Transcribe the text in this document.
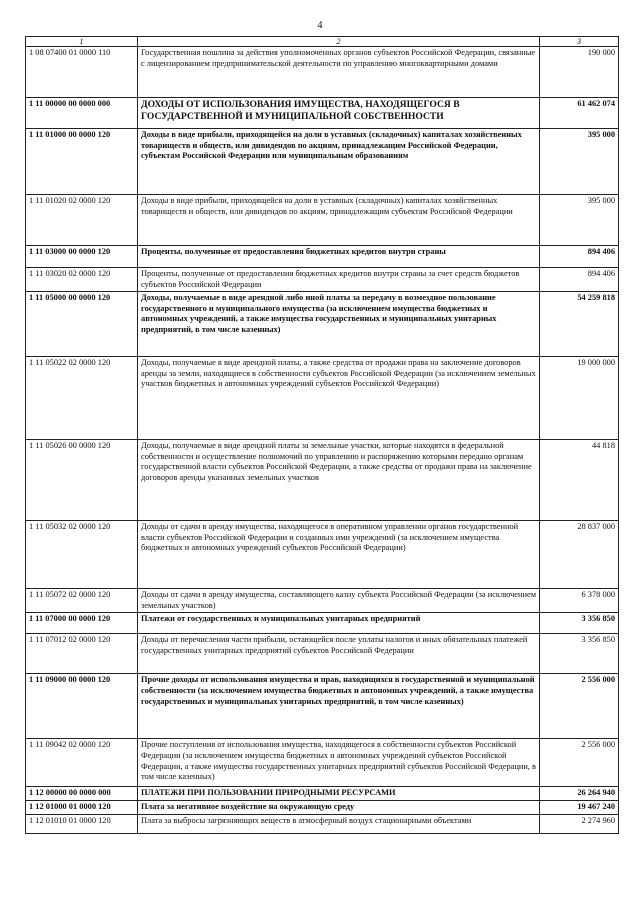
4
1	2	3
1 08 07400 01 0000 110	Государственная пошлина за действия уполномоченных органов субъектов Российской Федерации, связанные с лицензированием предпринимательской деятельности по управлению многоквартирными домами	190 000
1 11 00000 00 0000 000	ДОХОДЫ ОТ ИСПОЛЬЗОВАНИЯ ИМУЩЕСТВА, НАХОДЯЩЕГОСЯ В ГОСУДАРСТВЕННОЙ И МУНИЦИПАЛЬНОЙ СОБСТВЕННОСТИ	61 462 074
1 11 01000 00 0000 120	Доходы в виде прибыли, приходящейся на доли в уставных (складочных) капиталах хозяйственных товариществ и обществ, или дивидендов по акциям, принадлежащим Российской Федерации, субъектам Российской Федерации или муниципальным образованиям	395 000
1 11 01020 02 0000 120	Доходы в виде прибыли, приходящейся на доли в уставных (складочных) капиталах хозяйственных товариществ и обществ, или дивидендов по акциям, принадлежащим субъектам Российской Федерации	395 000
1 11 03000 00 0000 120	Проценты, полученные от предоставления бюджетных кредитов внутри страны	894 406
1 11 03020 02 0000 120	Проценты, полученные от предоставления бюджетных кредитов внутри страны за счет средств бюджетов субъектов Российской Федерации	894 406
1 11 05000 00 0000 120	Доходы, получаемые в виде арендной либо иной платы за передачу в возмездное пользование государственного и муниципального имущества (за исключением имущества бюджетных и автономных учреждений, а также имущества государственных и муниципальных унитарных предприятий, в том числе казенных)	54 259 818
1 11 05022 02 0000 120	Доходы, получаемые в виде арендной платы, а также средства от продажи права на заключение договоров аренды за земли, находящиеся в собственности субъектов Российской Федерации (за исключением земельных участков бюджетных и автономных учреждений субъектов Российской Федерации)	19 000 000
1 11 05026 00 0000 120	Доходы, получаемые в виде арендной платы за земельные участки, которые находятся в федеральной собственности и осуществление полномочий по управлению и распоряжению которыми передано органам государственной власти субъектов Российской Федерации, а также средства от продажи права на заключение договоров аренды указанных земельных участков	44 818
1 11 05032 02 0000 120	Доходы от сдачи в аренду имущества, находящегося в оперативном управлении органов государственной власти субъектов Российской Федерации и созданных ими учреждений (за исключением имущества бюджетных и автономных учреждений субъектов Российской Федерации)	28 837 000
1 11 05072 02 0000 120	Доходы от сдачи в аренду имущества, составляющего казну субъекта Российской Федерации (за исключением земельных участков)	6 378 000
1 11 07000 00 0000 120	Платежи от государственных и муниципальных унитарных предприятий	3 356 850
1 11 07012 02 0000 120	Доходы от перечисления части прибыли, остающейся после уплаты налогов и иных обязательных платежей государственных унитарных предприятий субъектов Российской Федерации	3 356 850
1 11 09000 00 0000 120	Прочие доходы от использования имущества и прав, находящихся в государственной и муниципальной собственности (за исключением имущества бюджетных и автономных учреждений, а также имущества государственных и муниципальных унитарных предприятий, в том числе казенных)	2 556 000
1 11 09042 02 0000 120	Прочие поступления от использования имущества, находящегося в собственности субъектов Российской Федерации (за исключением имущества бюджетных и автономных учреждений субъектов Российской Федерации, а также имущества государственных унитарных предприятий субъектов Российской Федерации, в том числе казенных)	2 556 000
1 12 00000 00 0000 000	ПЛАТЕЖИ ПРИ ПОЛЬЗОВАНИИ ПРИРОДНЫМИ РЕСУРСАМИ	26 264 940
1 12 01000 01 0000 120	Плата за негативное воздействие на окружающую среду	19 467 240
1 12 01010 01 0000 120	Плата за выбросы загрязняющих веществ в атмосферный воздух стационарными объектами	2 274 960
